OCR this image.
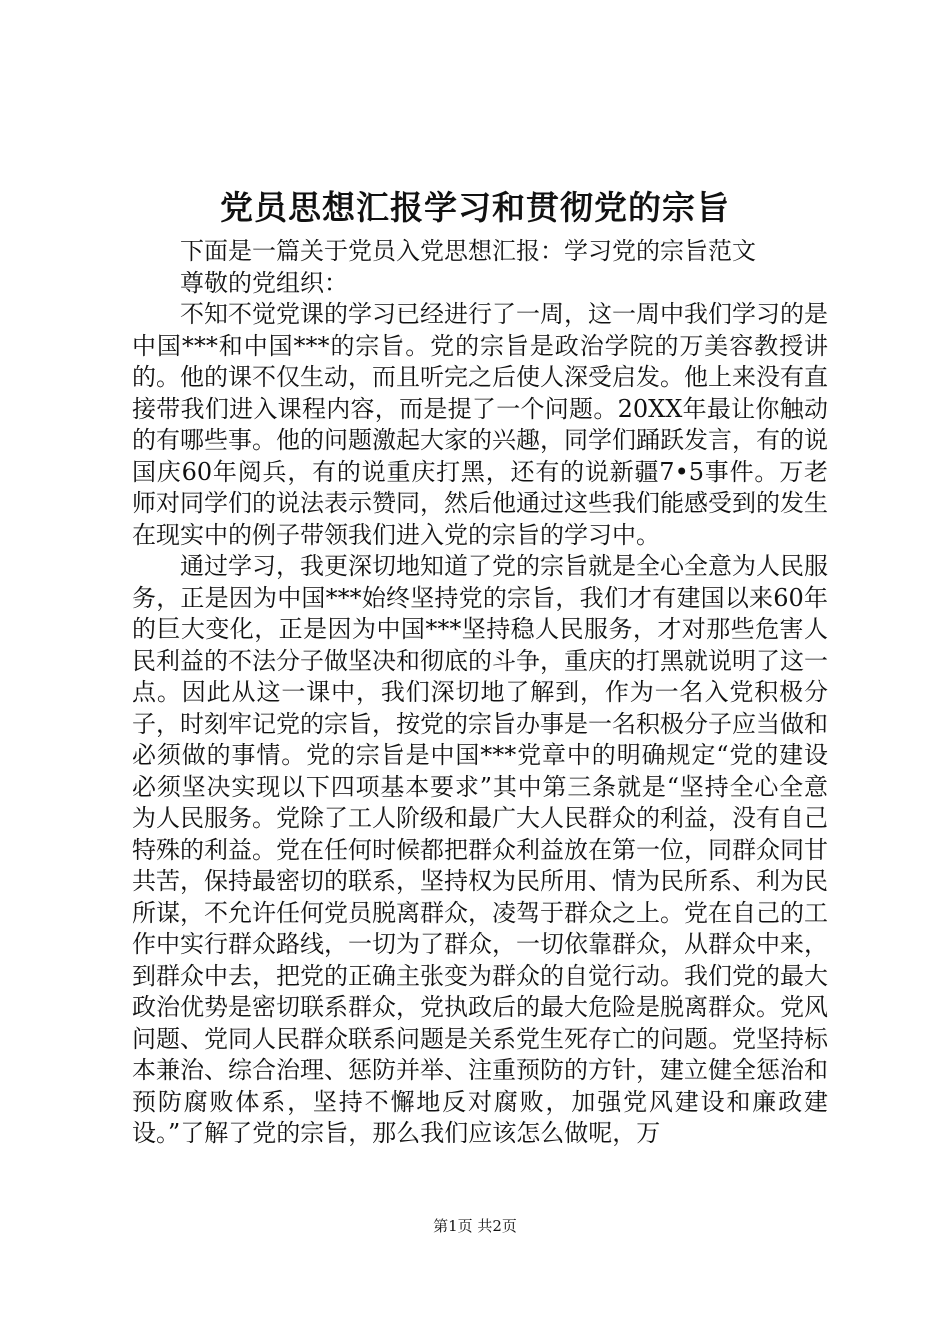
党员思想汇报学习和贯彻党的宗旨

下面是一篇关于党员入党思想汇报：学习党的宗旨范文

尊敬的党组织：

不知不觉党课的学习已经进行了一周，这一周中我们学习的是中国***和中国***的宗旨。党的宗旨是政治学院的万美容教授讲的。他的课不仅生动，而且听完之后使人深受启发。他上来没有直接带我们进入课程内容，而是提了一个问题。20XX年最让你触动的有哪些事。他的问题激起大家的兴趣，同学们踊跃发言，有的说国庆60年阅兵，有的说重庆打黑，还有的说新疆7•5事件。万老师对同学们的说法表示赞同，然后他通过这些我们能感受到的发生在现实中的例子带领我们进入党的宗旨的学习中。

通过学习，我更深切地知道了党的宗旨就是全心全意为人民服务，正是因为中国***始终坚持党的宗旨，我们才有建国以来60年的巨大变化，正是因为中国***坚持稳人民服务，才对那些危害人民利益的不法分子做坚决和彻底的斗争，重庆的打黑就说明了这一点。因此从这一课中，我们深切地了解到，作为一名入党积极分子，时刻牢记党的宗旨，按党的宗旨办事是一名积极分子应当做和必须做的事情。党的宗旨是中国***党章中的明确规定“党的建设必须坚决实现以下四项基本要求”其中第三条就是“坚持全心全意为人民服务。党除了工人阶级和最广大人民群众的利益，没有自己特殊的利益。党在任何时候都把群众利益放在第一位，同群众同甘共苦，保持最密切的联系，坚持权为民所用、情为民所系、利为民所谋，不允许任何党员脱离群众，凌驾于群众之上。党在自己的工作中实行群众路线，一切为了群众，一切依靠群众，从群众中来，到群众中去，把党的正确主张变为群众的自觉行动。我们党的最大政治优势是密切联系群众，党执政后的最大危险是脱离群众。党风问题、党同人民群众联系问题是关系党生死存亡的问题。党坚持标本兼治、综合治理、惩防并举、注重预防的方针，建立健全惩治和预防腐败体系，坚持不懈地反对腐败，加强党风建设和廉政建设。”了解了党的宗旨，那么我们应该怎么做呢，万

第1页 共2页
